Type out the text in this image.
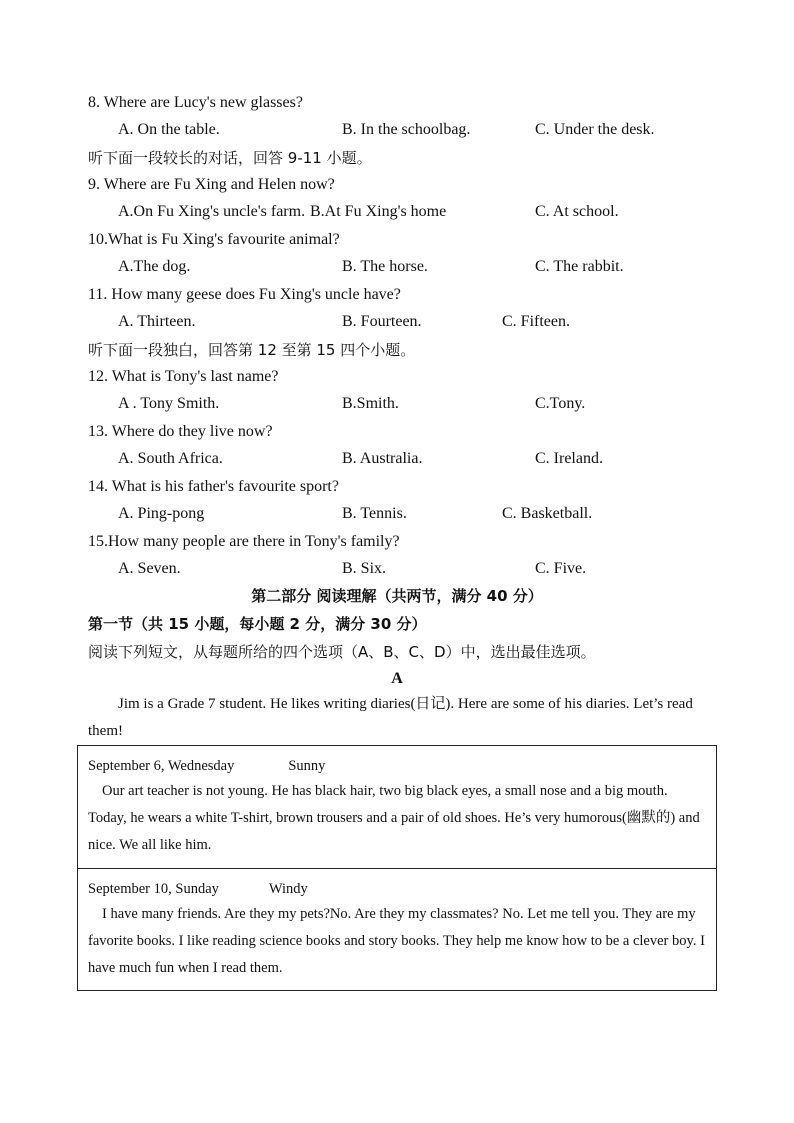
8. Where are Lucy's new glasses?
A. On the table.	B. In the schoolbag.	C. Under the desk.
听下面一段较长的对话，回答 9-11 小题。
9. Where are Fu Xing and Helen now?
A.On Fu Xing's uncle's farm. B.At Fu Xing's home	C. At school.
10.What is Fu Xing's favourite animal?
A.The dog.	B. The horse.	C. The rabbit.
11. How many geese does Fu Xing's uncle have?
A. Thirteen.	B. Fourteen.	C. Fifteen.
听下面一段独白，回答第 12 至第 15 四个小题。
12. What is Tony's last name?
A . Tony Smith.	B.Smith.	C.Tony.
13. Where do they live now?
A. South Africa.	B. Australia.	C. Ireland.
14. What is his father's favourite sport?
A. Ping-pong	B. Tennis.	C. Basketball.
15.How many people are there in Tony's family?
A. Seven.	B. Six.	C. Five.
第二部分 阅读理解（共两节，满分 40 分）
第一节（共 15 小题，每小题 2 分，满分 30 分）
阅读下列短文，从每题所给的四个选项（A、B、C、D）中，选出最佳选项。
A
Jim is a Grade 7 student. He likes writing diaries(日记). Here are some of his diaries. Let’s read them!
September 6, Wednesday	Sunny
Our art teacher is not young. He has black hair, two big black eyes, a small nose and a big mouth. Today, he wears a white T-shirt, brown trousers and a pair of old shoes. He’s very humorous(幽默的) and nice. We all like him.
September 10, Sunday	Windy
I have many friends. Are they my pets?No. Are they my classmates? No. Let me tell you. They are my favorite books. I like reading science books and story books. They help me know how to be a clever boy. I have much fun when I read them.
